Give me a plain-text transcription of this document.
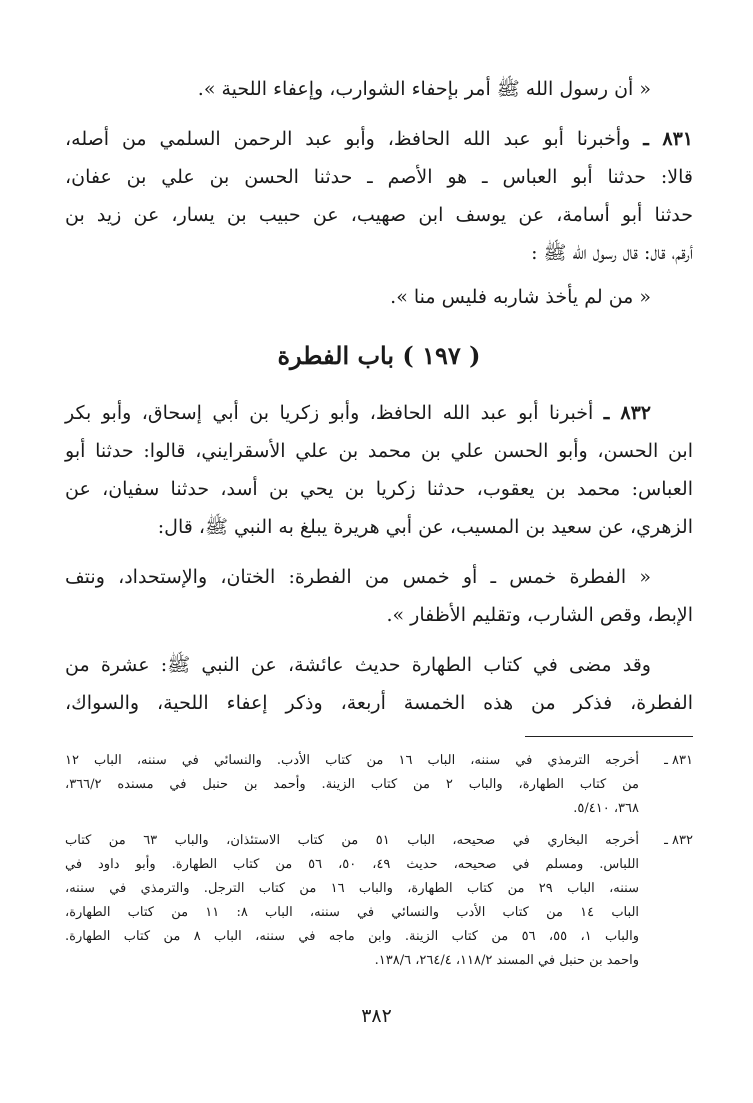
« أن رسول الله ﷺ أمر بإحفاء الشوارب، وإعفاء اللحية ».
٨٣١ ـ وأخبرنا أبو عبد الله الحافظ، وأبو عبد الرحمن السلمي من أصله،
قالا: حدثنا أبو العباس ـ هو الأصم ـ حدثنا الحسن بن علي بن عفان،
حدثنا أبو أسامة، عن يوسف ابن صهيب، عن حبيب بن يسار، عن زيد بن
أرقم، قال: قال رسول الله ﷺ :
« من لم يأخذ شاربه فليس منا ».
( ١٩٧ ) باب الفطرة
٨٣٢ ـ أخبرنا أبو عبد الله الحافظ، وأبو زكريا بن أبي إسحاق، وأبو بكر
ابن الحسن، وأبو الحسن علي بن محمد بن علي الأسقرايني، قالوا: حدثنا أبو
العباس: محمد بن يعقوب، حدثنا زكريا بن يحي بن أسد، حدثنا سفيان، عن
الزهري، عن سعيد بن المسيب، عن أبي هريرة يبلغ به النبي ﷺ، قال:
« الفطرة خمس ـ أو خمس من الفطرة: الختان، والإستحداد، ونتف
الإبط، وقص الشارب، وتقليم الأظفار ».
وقد مضى في كتاب الطهارة حديث عائشة، عن النبي ﷺ: عشرة من
الفطرة، فذكر من هذه الخمسة أربعة، وذكر إعفاء اللحية، والسواك،
٨٣١ ـ
أخرجه الترمذي في سننه، الباب ١٦ من كتاب الأدب. والنسائي في سننه، الباب ١٢
من كتاب الطهارة، والباب ٢ من كتاب الزينة. وأحمد بن حنبل في مسنده ٣٦٦/٢،
٣٦٨، ٥/٤١٠.
٨٣٢ ـ
أخرجه البخاري في صحيحه، الباب ٥١ من كتاب الاستئذان، والباب ٦٣ من كتاب
اللباس. ومسلم في صحيحه، حديث ٤٩، ٥٠، ٥٦ من كتاب الطهارة. وأبو داود في
سننه، الباب ٢٩ من كتاب الطهارة، والباب ١٦ من كتاب الترجل. والترمذي في سننه،
الباب ١٤ من كتاب الأدب والنسائي في سننه، الباب ٨: ١١ من كتاب الطهارة،
والباب ١، ٥٥، ٥٦ من كتاب الزينة. وابن ماجه في سننه، الباب ٨ من كتاب الطهارة.
واحمد بن حنبل في المسند ١١٨/٢، ٢٦٤/٤، ١٣٨/٦.
٣٨٢
